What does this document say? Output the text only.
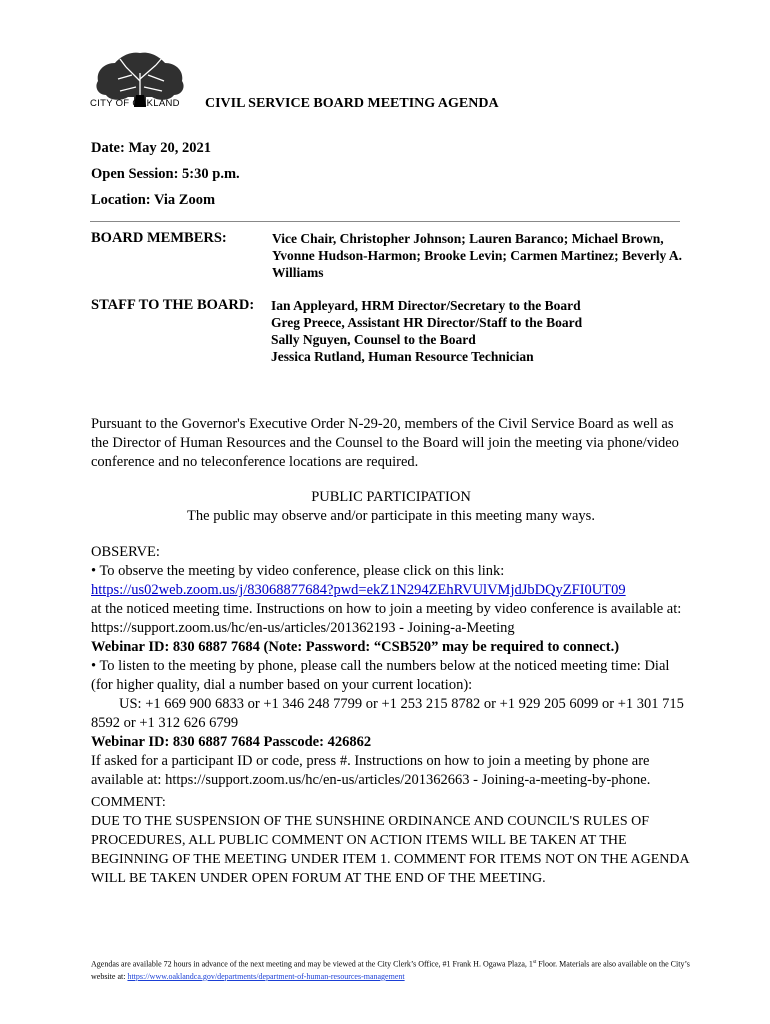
CITY OF OAKLAND CIVIL SERVICE BOARD MEETING AGENDA
Date: May 20, 2021
Open Session: 5:30 p.m.
Location: Via Zoom
BOARD MEMBERS:	Vice Chair, Christopher Johnson; Lauren Baranco; Michael Brown, Yvonne Hudson-Harmon; Brooke Levin; Carmen Martinez; Beverly A. Williams
STAFF TO THE BOARD: Ian Appleyard, HRM Director/Secretary to the Board
Greg Preece, Assistant HR Director/Staff to the Board
Sally Nguyen, Counsel to the Board
Jessica Rutland, Human Resource Technician
Pursuant to the Governor's Executive Order N-29-20, members of the Civil Service Board as well as the Director of Human Resources and the Counsel to the Board will join the meeting via phone/video conference and no teleconference locations are required.
PUBLIC PARTICIPATION
The public may observe and/or participate in this meeting many ways.
OBSERVE:
• To observe the meeting by video conference, please click on this link:
https://us02web.zoom.us/j/83068877684?pwd=ekZ1N294ZEhRVUlVMjdJbDQyZFI0UT09
at the noticed meeting time. Instructions on how to join a meeting by video conference is available at: https://support.zoom.us/hc/en-us/articles/201362193 - Joining-a-Meeting
Webinar ID: 830 6887 7684 (Note: Password: “CSB520” may be required to connect.)
• To listen to the meeting by phone, please call the numbers below at the noticed meeting time: Dial (for higher quality, dial a number based on your current location):
US: +1 669 900 6833 or +1 346 248 7799 or +1 253 215 8782 or +1 929 205 6099 or +1 301 715 8592 or +1 312 626 6799
Webinar ID: 830 6887 7684 Passcode: 426862
If asked for a participant ID or code, press #. Instructions on how to join a meeting by phone are available at: https://support.zoom.us/hc/en-us/articles/201362663 - Joining-a-meeting-by-phone.
COMMENT:
DUE TO THE SUSPENSION OF THE SUNSHINE ORDINANCE AND COUNCIL'S RULES OF PROCEDURES, ALL PUBLIC COMMENT ON ACTION ITEMS WILL BE TAKEN AT THE BEGINNING OF THE MEETING UNDER ITEM 1. COMMENT FOR ITEMS NOT ON THE AGENDA WILL BE TAKEN UNDER OPEN FORUM AT THE END OF THE MEETING.
Agendas are available 72 hours in advance of the next meeting and may be viewed at the City Clerk’s Office, #1 Frank H. Ogawa Plaza, 1st Floor. Materials are also available on the City’s website at: https://www.oaklandca.gov/departments/department-of-human-resources-management
